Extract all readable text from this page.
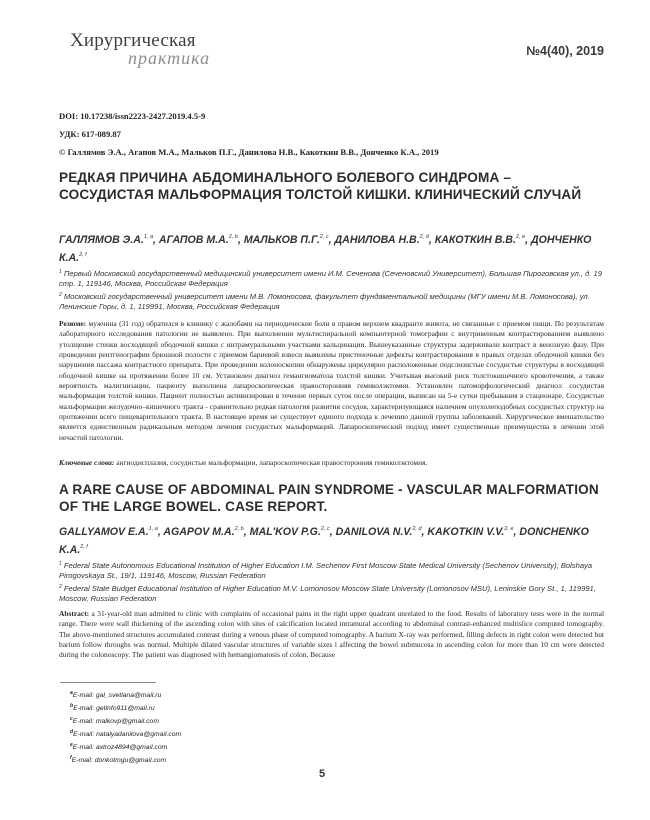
Хирургическая
практика	№4(40), 2019
DOI: 10.17238/issn2223-2427.2019.4.5-9
УДК: 617-089.87
© Галлямов Э.А., Агапов М.А., Мальков П.Г., Данилова Н.В., Какоткин В.В., Донченко К.А., 2019
РЕДКАЯ ПРИЧИНА АБДОМИНАЛЬНОГО БОЛЕВОГО СИНДРОМА – СОСУДИСТАЯ МАЛЬФОРМАЦИЯ ТОЛСТОЙ КИШКИ. КЛИНИЧЕСКИЙ СЛУЧАЙ
ГАЛЛЯМОВ Э.А.$^{1, a}$, АГАПОВ М.А.$^{2, b}$, МАЛЬКОВ П.Г.$^{2, c}$, ДАНИЛОВА Н.В.$^{2, d}$, КАКОТКИН В.В.$^{2, e}$, ДОНЧЕНКО К.А.$^{2, f}$

$^1$ Первый Московский государственный медицинский университет имени И.М. Сеченова (Сеченовский Университет), Большая Пироговская ул., д. 19 стр. 1, 119146, Москва, Российская Федерация

$^2$ Московский государственный университет имени М.В. Ломоносова, факультет фундаментальной медицины (МГУ имени М.В. Ломоносова), ул. Ленинские Горы, д. 1, 119991, Москва, Российская Федерация

Резюме: мужчина (31 год) обратился в клинику с жалобами на периодические боли в правом верхнем квадранте живота, не связанные с приемом пищи. По результатам лабораторного исследования патологии не выявлено. При выполнении мультиспиральной компьютерной томографии с внутривенным контрастированием выявлено утолщение стенки восходящей ободочной кишки с интрамуральными участками кальцинации. Вышеуказанные структуры задерживали контраст в венозную фазу. При проведении рентгенографии брюшной полости с приемом бариевой взвеси выявлены пристеночные дефекты контрастирования в правых отделах ободочной кишки без нарушения пассажа контрастного препарата. При проведении колоноскопии обнаружены циркулярно расположенные подслизистые сосудистые структуры в восходящей ободочной кишке на протяжении более 10 см. Установлен диагноз гемангиоматоза толстой кишки. Учитывая высокий риск толстокишечного кровотечения, а также вероятность малигнизации, пациенту выполнена лапароскопическая правосторонняя гемиколэктомия. Установлен патоморфологический диагноз: сосудистая мальформация толстой кишки. Пациент полностью активизирован в течение первых суток после операции, выписан на 5-е сутки пребывания в стационаре. Сосудистые мальформации желудочно–кишечного тракта - сравнительно редкая патология развития сосудов, характеризующаяся наличием опухолеподобных сосудистых структур на протяжении всего пищеварительного тракта. В настоящее время не существует единого подхода к лечению данной группы заболеваний. Хирургическое вмешательство является единственным радикальным методом лечения сосудистых мальформаций. Лапароскопический подход имеет существенные преимущества в лечении этой нечастой патологии.

Ключевые слова: ангиодисплазия, сосудистые мальформации, лапароскопическая правосторонняя гемиколэктомия.
A RARE CAUSE OF ABDOMINAL PAIN SYNDROME - VASCULAR MALFORMATION OF THE LARGE BOWEL. CASE REPORT.
GALLYAMOV E.A.$^{1, a}$, AGAPOV M.A.$^{2, b}$, MAL'KOV P.G.$^{2, c}$, DANILOVA N.V.$^{2, d}$, KAKOTKIN V.V.$^{2, e}$, DONCHENKO K.A.$^{2, f}$

$^1$ Federal State Autonomous Educational Institution of Higher Education I.M. Sechenov First Moscow State Medical University (Sechenov University); Bolshaya Pirogovskaya St., 19/1, 119146, Moscow, Russian Federation

$^2$ Federal State Budget Educational Institution of Higher Education M.V. Lomonosov Moscow State University (Lomonosov MSU), Leninskie Gory St., 1, 119991, Moscow, Russian Federation

Abstract: a 31-year-old man admitted to clinic with complains of occasional pains in the right upper quadrant unrelated to the food. Results of laboratory tests were in the normal range. There were wall thickening of the ascending colon with sites of calcification located intramural according to abdominal contrast-enhanced multislice computed tomography. The above-mentioned structures accumulated contrast during a venous phase of computed tomography. A barium X-ray was performed, filling defects in right colon were detected but barium follow throughs was normal. Multiple dilated vascular structures of variable sizes l affecting the bowel submucosa in ascending colon for more than 10 cm were detected during the colonoscopy. The patient was diagnosed with hemangiomatosis of colon. Because

$^a$E-mail: gal_svetlana@mail.ru
$^b$E-mail: getinfo911@mail.ru
$^c$E-mail: malkovp@gmail.com
$^d$E-mail: natalyadanilova@gmail.com
$^e$E-mail: axtroz4894@gmail.com
$^f$E-mail: donkotmgu@gmail.com
5
